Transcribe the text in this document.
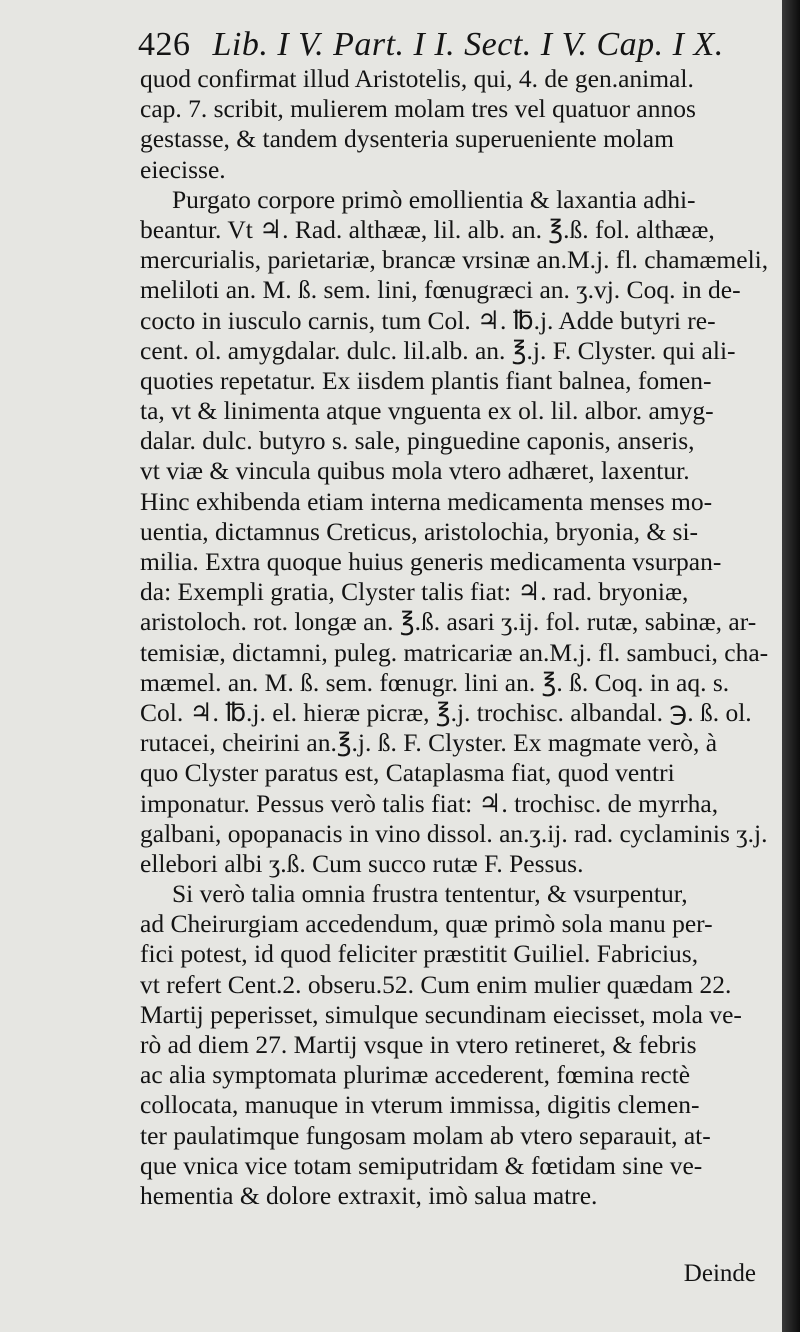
426 Lib. I V. Part. I I. Sect. I V. Cap. I X.
quod confirmat illud Aristotelis, qui, 4. de gen.animal.
cap. 7. scribit, mulierem molam tres vel quatuor annos
gestasse, & tandem dysenteria superueniente molam
eiecisse.
Purgato corpore primò emollientia & laxantia adhi-
beantur. Vt ♃. Rad. althææ, lil. alb. an. ℥.ß. fol. althææ,
mercurialis, parietariæ, brancæ vrsinæ an.M.j. fl. chamæmeli,
meliloti an. M. ß. sem. lini, fœnugræci an. ʒ.vj. Coq. in de-
cocto in iusculo carnis, tum Col. ♃. ℔.j. Adde butyri re-
cent. ol. amygdalar. dulc. lil.alb. an. ℥.j. F. Clyster. qui ali-
quoties repetatur. Ex iisdem plantis fiant balnea, fomen-
ta, vt & linimenta atque vnguenta ex ol. lil. albor. amyg-
dalar. dulc. butyro s. sale, pinguedine caponis, anseris,
vt viæ & vincula quibus mola vtero adhæret, laxentur.
Hinc exhibenda etiam interna medicamenta menses mo-
uentia, dictamnus Creticus, aristolochia, bryonia, & si-
milia. Extra quoque huius generis medicamenta vsurpan-
da: Exempli gratia, Clyster talis fiat: ♃. rad. bryoniæ,
aristoloch. rot. longæ an. ℥.ß. asari ʒ.ij. fol. rutæ, sabinæ, ar-
temisiæ, dictamni, puleg. matricariæ an.M.j. fl. sambuci, cha-
mæmel. an. M. ß. sem. fœnugr. lini an. ℥. ß. Coq. in aq. s.
Col. ♃. ℔.j. el. hieræ picræ, ℥.j. trochisc. albandal. ℈. ß. ol.
rutacei, cheirini an.℥.j. ß. F. Clyster. Ex magmate verò, à
quo Clyster paratus est, Cataplasma fiat, quod ventri
imponatur. Pessus verò talis fiat: ♃. trochisc. de myrrha,
galbani, opopanacis in vino dissol. an.ʒ.ij. rad. cyclaminis ʒ.j.
ellebori albi ʒ.ß. Cum succo rutæ F. Pessus.
Si verò talia omnia frustra tententur, & vsurpentur,
ad Cheirurgiam accedendum, quæ primò sola manu per-
fici potest, id quod feliciter præstitit Guiliel. Fabricius,
vt refert Cent.2. obseru.52. Cum enim mulier quædam 22.
Martij peperisset, simulque secundinam eiecisset, mola ve-
rò ad diem 27. Martij vsque in vtero retineret, & febris
ac alia symptomata plurimæ accederent, fœmina rectè
collocata, manuque in vterum immissa, digitis clemen-
ter paulatimque fungosam molam ab vtero separauit, at-
que vnica vice totam semiputridam & fœtidam sine ve-
hementia & dolore extraxit, imò salua matre.
Deinde
